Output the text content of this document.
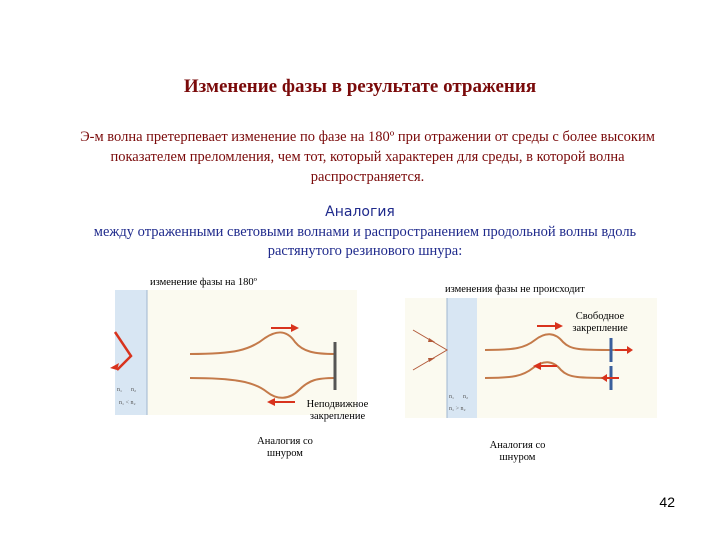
Изменение фазы в результате отражения
Э-м волна претерпевает изменение по фазе на 180º при отражении от среды с более высоким показателем преломления, чем тот, который характерен для среды, в которой волна распространяется.
Аналогия
между отраженными световыми волнами и распространением продольной волны вдоль растянутого резинового шнура:
изменение фазы на 180º
n₁ n₂
n₁ < n₂	Неподвижное закрепление
Аналогия со шнуром
изменения фазы не происходит
n₁ n₂
n₁ > n₂
Свободное закрепление
Аналогия со шнуром
42
